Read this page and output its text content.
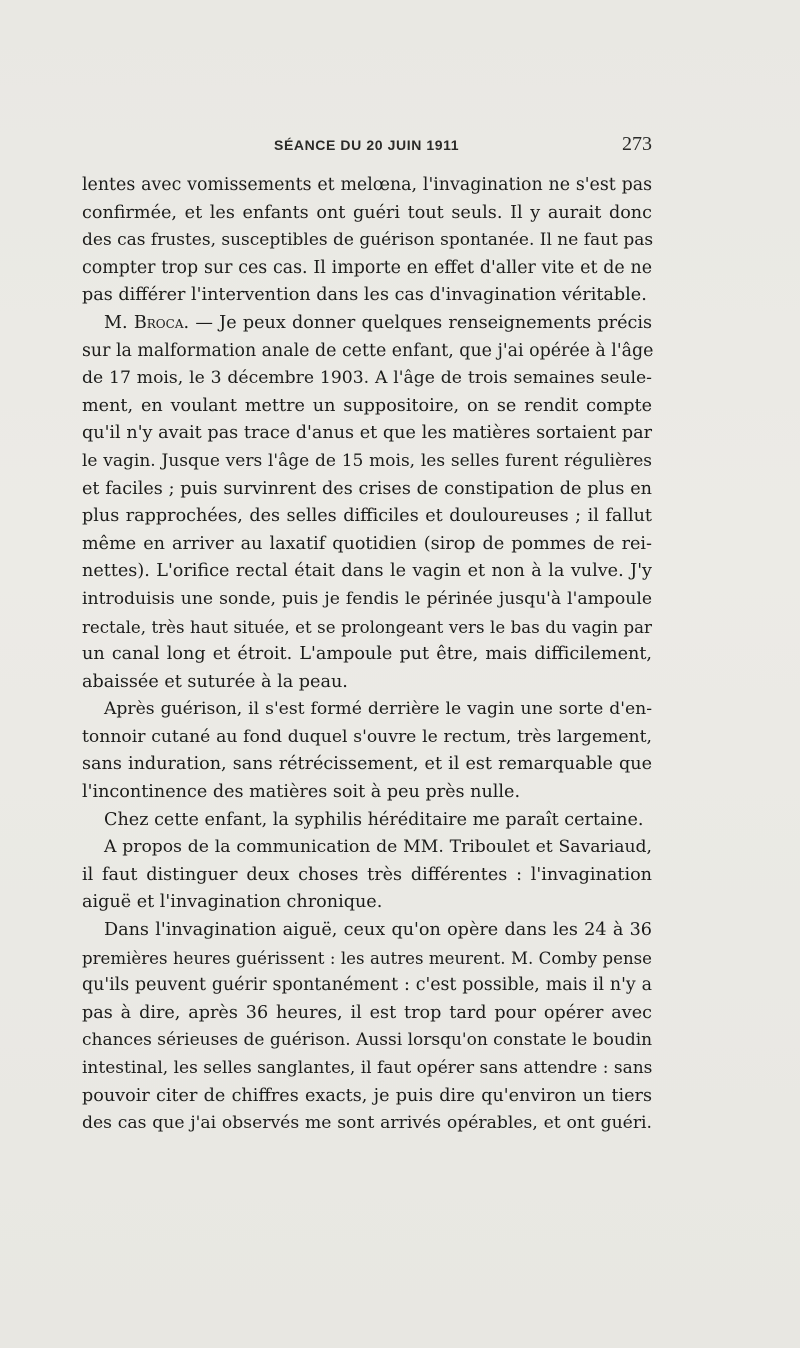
SÉANCE DU 20 JUIN 1911	273
lentes avec vomissements et melœna, l'invagination ne s'est pas
confirmée, et les enfants ont guéri tout seuls. Il y aurait donc
des cas frustes, susceptibles de guérison spontanée. Il ne faut pas
compter trop sur ces cas. Il importe en effet d'aller vite et de ne
pas différer l'intervention dans les cas d'invagination véritable.
M. Broca. — Je peux donner quelques renseignements précis
sur la malformation anale de cette enfant, que j'ai opérée à l'âge
de 17 mois, le 3 décembre 1903. A l'âge de trois semaines seule-
ment, en voulant mettre un suppositoire, on se rendit compte
qu'il n'y avait pas trace d'anus et que les matières sortaient par
le vagin. Jusque vers l'âge de 15 mois, les selles furent régulières
et faciles ; puis survinrent des crises de constipation de plus en
plus rapprochées, des selles difficiles et douloureuses ; il fallut
même en arriver au laxatif quotidien (sirop de pommes de rei-
nettes). L'orifice rectal était dans le vagin et non à la vulve. J'y
introduisis une sonde, puis je fendis le périnée jusqu'à l'ampoule
rectale, très haut située, et se prolongeant vers le bas du vagin par
un canal long et étroit. L'ampoule put être, mais difficilement,
abaissée et suturée à la peau.
Après guérison, il s'est formé derrière le vagin une sorte d'en-
tonnoir cutané au fond duquel s'ouvre le rectum, très largement,
sans induration, sans rétrécissement, et il est remarquable que
l'incontinence des matières soit à peu près nulle.
Chez cette enfant, la syphilis héréditaire me paraît certaine.
A propos de la communication de MM. Triboulet et Savariaud,
il faut distinguer deux choses très différentes : l'invagination
aiguë et l'invagination chronique.
Dans l'invagination aiguë, ceux qu'on opère dans les 24 à 36
premières heures guérissent : les autres meurent. M. Comby pense
qu'ils peuvent guérir spontanément : c'est possible, mais il n'y a
pas à dire, après 36 heures, il est trop tard pour opérer avec
chances sérieuses de guérison. Aussi lorsqu'on constate le boudin
intestinal, les selles sanglantes, il faut opérer sans attendre : sans
pouvoir citer de chiffres exacts, je puis dire qu'environ un tiers
des cas que j'ai observés me sont arrivés opérables, et ont guéri.
